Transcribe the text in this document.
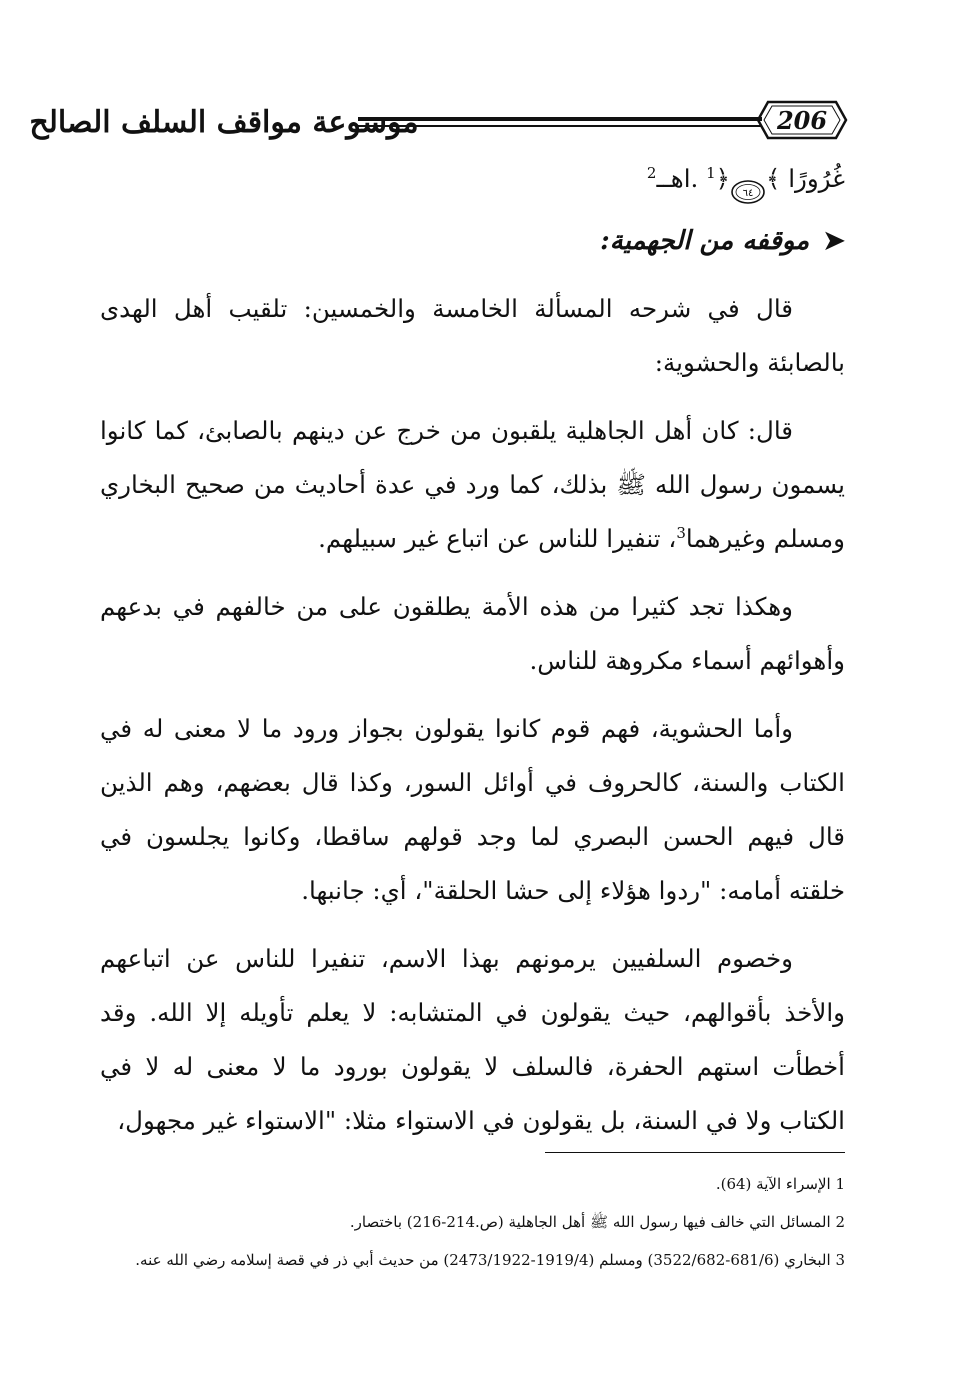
موسوعة مواقف السلف الصالح	206

غُرُورًا ﴾
٦٤
﴿$^1$ .اهــ$^2$

➤موقفه من الجهمية:

قال في شرحه المسألة الخامسة والخمسين: تلقيب أهل الهدى بالصابئة والحشوية:

قال: كان أهل الجاهلية يلقبون من خرج عن دينهم بالصابئ، كما كانوا يسمون رسول الله ﷺ بذلك، كما ورد في عدة أحاديث من صحيح البخاري ومسلم وغيرهما$^3$، تنفيرا للناس عن اتباع غير سبيلهم.

وهكذا تجد كثيرا من هذه الأمة يطلقون على من خالفهم في بدعهم وأهوائهم أسماء مكروهة للناس.

وأما الحشوية، فهم قوم كانوا يقولون بجواز ورود ما لا معنى له في الكتاب والسنة، كالحروف في أوائل السور، وكذا قال بعضهم، وهم الذين قال فيهم الحسن البصري لما وجد قولهم ساقطا، وكانوا يجلسون في خلقته أمامه: "ردوا هؤلاء إلى حشا الحلقة"، أي: جانبها.

وخصوم السلفيين يرمونهم بهذا الاسم، تنفيرا للناس عن اتباعهم والأخذ بأقوالهم، حيث يقولون في المتشابه: لا يعلم تأويله إلا الله. وقد أخطأت استهم الحفرة، فالسلف لا يقولون بورود ما لا معنى له لا في الكتاب ولا في السنة، بل يقولون في الاستواء مثلا: "الاستواء غير مجهول،

1 الإسراء الآية (64).

2 المسائل التي خالف فيها رسول الله ﷺ أهل الجاهلية (ص.214-216) باختصار.

3 البخاري (681/6-3522/682) ومسلم (1919/4-2473/1922) من حديث أبي ذر في قصة إسلامه رضي الله عنه.
